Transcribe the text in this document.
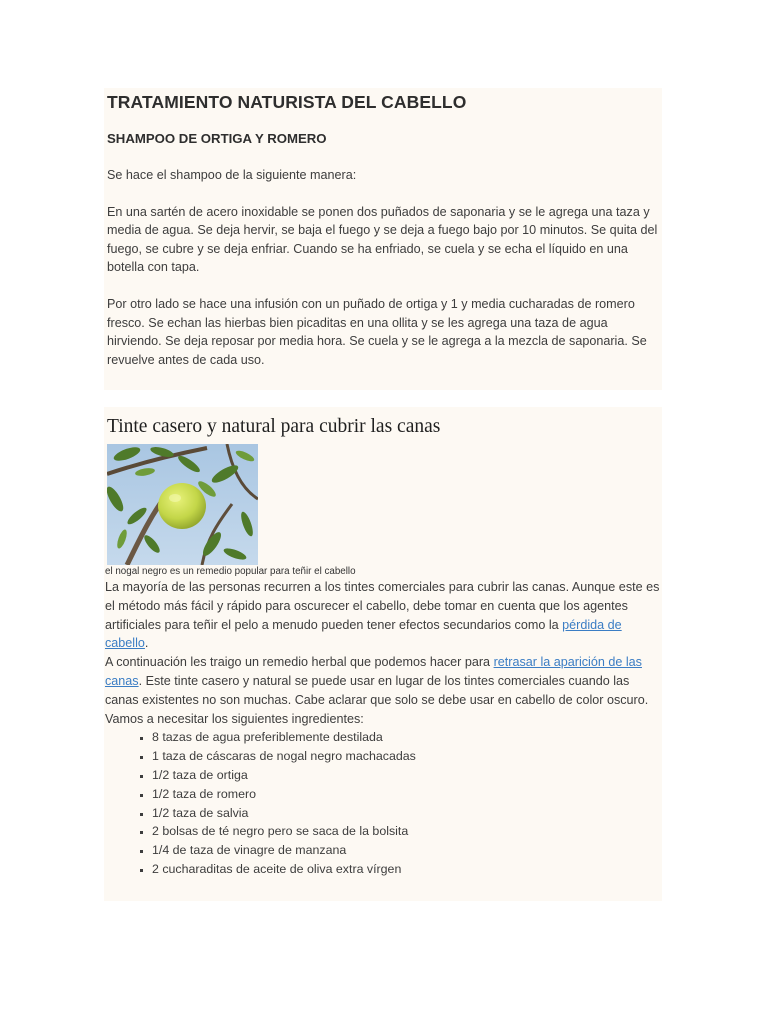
TRATAMIENTO NATURISTA DEL CABELLO
SHAMPOO DE ORTIGA Y ROMERO

Se hace el shampoo de la siguiente manera:

En una sartén de acero inoxidable se ponen dos puñados de saponaria y se le agrega una taza y media de agua. Se deja hervir, se baja el fuego y se deja a fuego bajo por 10 minutos. Se quita del fuego, se cubre y se deja enfriar. Cuando se ha enfriado, se cuela y se echa el líquido en una botella con tapa.

Por otro lado se hace una infusión con un puñado de ortiga y 1 y media cucharadas de romero fresco. Se echan las hierbas bien picaditas en una ollita y se les agrega una taza de agua hirviendo. Se deja reposar por media hora. Se cuela y se le agrega a la mezcla de saponaria. Se revuelve antes de cada uso.

Tinte casero y natural para cubrir las canas

el nogal negro es un remedio popular para teñir el cabello

La mayoría de las personas recurren a los tintes comerciales para cubrir las canas. Aunque este es el método más fácil y rápido para oscurecer el cabello, debe tomar en cuenta que los agentes artificiales para teñir el pelo a menudo pueden tener efectos secundarios como la pérdida de cabello.

A continuación les traigo un remedio herbal que podemos hacer para retrasar la aparición de las canas. Este tinte casero y natural se puede usar en lugar de los tintes comerciales cuando las canas existentes no son muchas. Cabe aclarar que solo se debe usar en cabello de color oscuro.

Vamos a necesitar los siguientes ingredientes:

▪ 8 tazas de agua preferiblemente destilada
▪ 1 taza de cáscaras de nogal negro machacadas
▪ 1/2 taza de ortiga
▪ 1/2 taza de romero
▪ 1/2 taza de salvia
▪ 2 bolsas de té negro pero se saca de la bolsita
▪ 1/4 de taza de vinagre de manzana
▪ 2 cucharaditas de aceite de oliva extra vírgen
